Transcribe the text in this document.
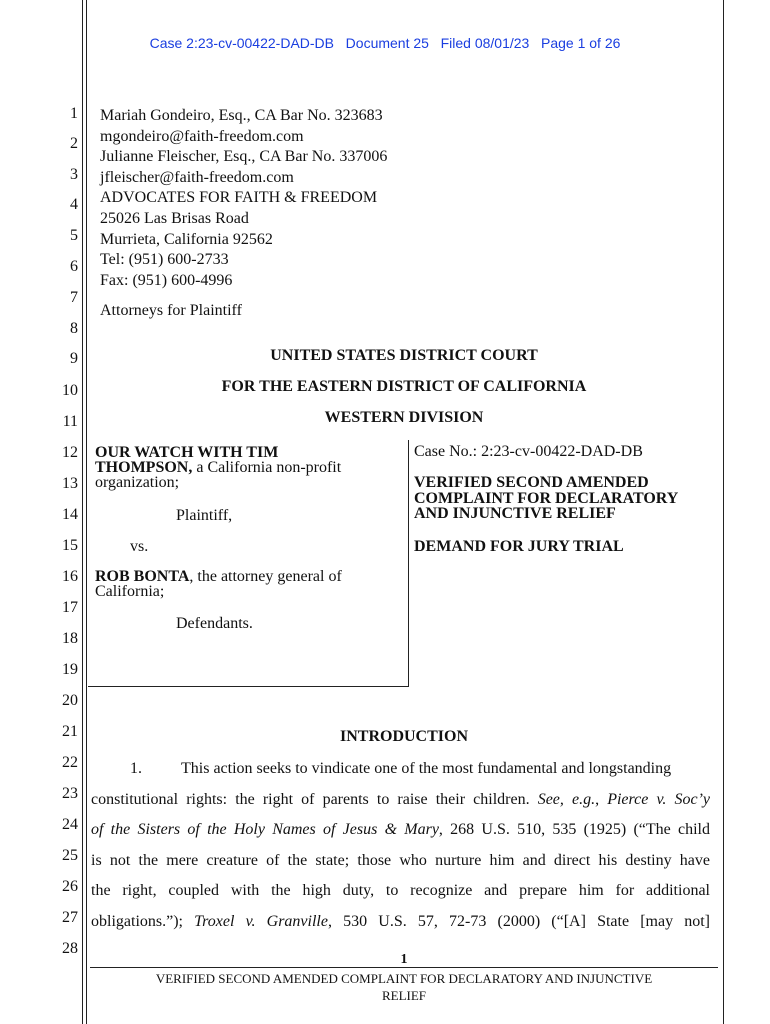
Case 2:23-cv-00422-DAD-DB   Document 25   Filed 08/01/23   Page 1 of 26
1
2
3
4
5
6
7
8
9
10
11
12
13
14
15
16
17
18
19
20
21
22
23
24
25
26
27
28
Mariah Gondeiro, Esq., CA Bar No. 323683
mgondeiro@faith-freedom.com
Julianne Fleischer, Esq., CA Bar No. 337006
jfleischer@faith-freedom.com
ADVOCATES FOR FAITH & FREEDOM
25026 Las Brisas Road
Murrieta, California 92562
Tel: (951) 600-2733
Fax: (951) 600-4996
Attorneys for Plaintiff
UNITED STATES DISTRICT COURT
FOR THE EASTERN DISTRICT OF CALIFORNIA
WESTERN DIVISION
OUR WATCH WITH TIM
THOMPSON, a California non-profit
organization;
Plaintiff,
vs.
ROB BONTA, the attorney general of
California;
Defendants.
Case No.: 2:23-cv-00422-DAD-DB
VERIFIED SECOND AMENDED
COMPLAINT FOR DECLARATORY
AND INJUNCTIVE RELIEF
DEMAND FOR JURY TRIAL
INTRODUCTION
1. This action seeks to vindicate one of the most fundamental and longstanding
constitutional rights: the right of parents to raise their children. See, e.g., Pierce v. Soc’y
of the Sisters of the Holy Names of Jesus & Mary, 268 U.S. 510, 535 (1925) (“The child
is not the mere creature of the state; those who nurture him and direct his destiny have
the right, coupled with the high duty, to recognize and prepare him for additional
obligations.”); Troxel v. Granville, 530 U.S. 57, 72-73 (2000) (“[A] State [may not]
1
VERIFIED SECOND AMENDED COMPLAINT FOR DECLARATORY AND INJUNCTIVE
RELIEF
